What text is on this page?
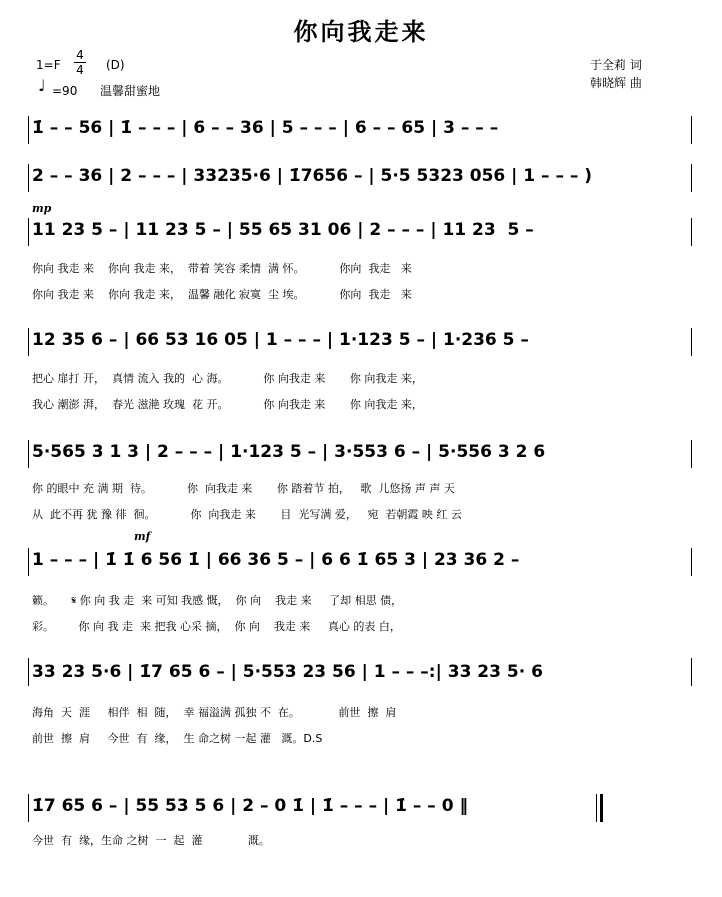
你向我走来
1=F
4
4 (D)
♩ =90 温馨甜蜜地
于全莉 词
韩晓辉 曲
1̇ – – 56 | 1̇ – – – | 6 – – 36 | 5 – – – | 6 – – 65 | 3 – – –
2 – – 36 | 2 – – – | 33235·6 | 1̇7656 – | 5·5 5323 056 | 1 – – – )
mp
11 23 5 – | 11 23 5 – | 55 65 31 06 | 2 – – – | 11 23  5 –
你向 我走 来    你向 我走 来，  带着 笑容 柔情  满 怀。          你向  我走   来
你向 我走 来    你向 我走 来，  温馨 融化 寂寞  尘 埃。          你向  我走   来
12 35 6 – | 66 53 16 05 | 1 – – – | 1·123 5 – | 1·236 5 –
把心 扉打 开，  真情 流入 我的  心 海。          你 向我走 来       你 向我走 来，
我心 潮澎 湃，  春光 滋滟 玫瑰  花 开。          你 向我走 来       你 向我走 来，
5·565 3 1 3 | 2 – – – | 1·123 5 – | 3·553 6 – | 5·556 3 2 6
你 的眼中 充 满 期  待。          你  向我走 来       你 踏着节 拍，   歌  儿悠扬 声 声 天
从  此不再 犹 豫 徘  徊。          你  向我走 来       目  光写满 爱，   宛  若朝霞 映 红 云
mf
1 – – – | 1̇ 1̇ 6 56 1̇ | 66 36 5 – | 6 6 1̇ 65 3 | 23 36 2 –
籁。     𝄋 你 向 我 走  来 可知 我感 慨，  你 向    我走 来     了却 相思 债，
彩。       你 向 我 走  来 把我 心采 摘，  你 向    我走 来     真心 的表 白，
33 23 5·6 | 1̇7 65 6 – | 5·553 23 56 | 1 – – –:| 33 23 5· 6
海角  天  涯     相伴  相  随，  幸 福溢满 孤独 不  在。           前世  擦  肩
前世  擦  肩     今世  有  缘，  生 命之树 一起 灌   溉。D.S
1̇7 65 6 – | 55 53 5 6 | 2 – 0 1̇ | 1̇ – – – | 1̇ – – 0 ‖
今世  有  缘，生命 之树  一  起  灌             溉。
